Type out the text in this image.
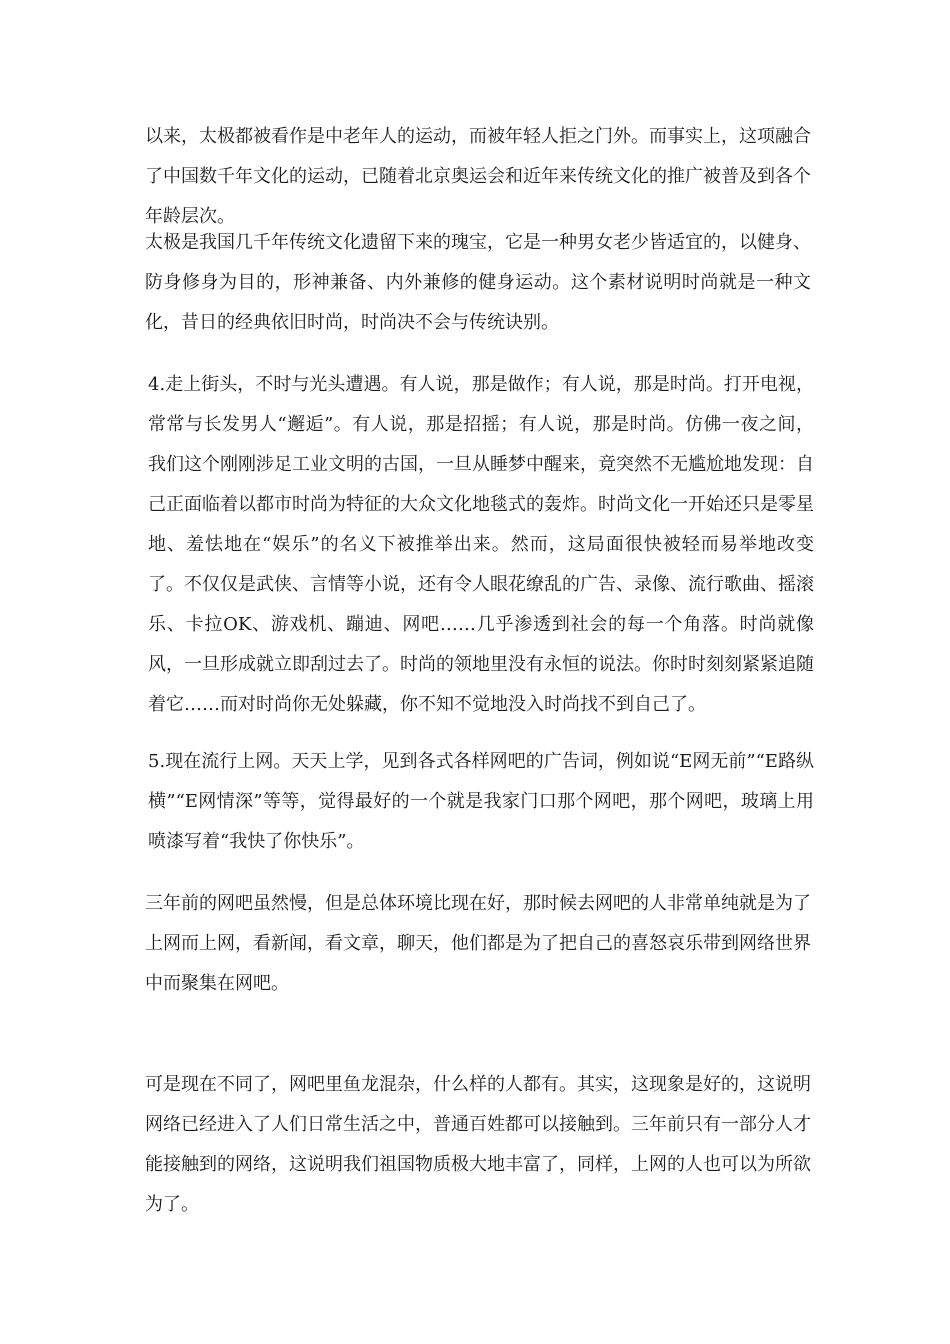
以来，太极都被看作是中老年人的运动，而被年轻人拒之门外。而事实上，这项融合了中国数千年文化的运动，已随着北京奥运会和近年来传统文化的推广被普及到各个年龄层次。

太极是我国几千年传统文化遗留下来的瑰宝，它是一种男女老少皆适宜的，以健身、防身修身为目的，形神兼备、内外兼修的健身运动。这个素材说明时尚就是一种文化，昔日的经典依旧时尚，时尚决不会与传统诀别。

4.走上街头，不时与光头遭遇。有人说，那是做作；有人说，那是时尚。打开电视，常常与长发男人“邂逅”。有人说，那是招摇；有人说，那是时尚。仿佛一夜之间，我们这个刚刚涉足工业文明的古国，一旦从睡梦中醒来，竟突然不无尴尬地发现：自己正面临着以都市时尚为特征的大众文化地毯式的轰炸。时尚文化一开始还只是零星地、羞怯地在“娱乐”的名义下被推举出来。然而，这局面很快被轻而易举地改变了。不仅仅是武侠、言情等小说，还有令人眼花缭乱的广告、录像、流行歌曲、摇滚乐、卡拉OK、游戏机、蹦迪、网吧……几乎渗透到社会的每一个角落。时尚就像风，一旦形成就立即刮过去了。时尚的领地里没有永恒的说法。你时时刻刻紧紧追随着它……而对时尚你无处躲藏，你不知不觉地没入时尚找不到自己了。

5.现在流行上网。天天上学，见到各式各样网吧的广告词，例如说“E网无前”“E路纵横”“E网情深”等等，觉得最好的一个就是我家门口那个网吧，那个网吧，玻璃上用喷漆写着“我快了你快乐”。

三年前的网吧虽然慢，但是总体环境比现在好，那时候去网吧的人非常单纯就是为了上网而上网，看新闻，看文章，聊天，他们都是为了把自己的喜怒哀乐带到网络世界中而聚集在网吧。

可是现在不同了，网吧里鱼龙混杂，什么样的人都有。其实，这现象是好的，这说明网络已经进入了人们日常生活之中，普通百姓都可以接触到。三年前只有一部分人才能接触到的网络，这说明我们祖国物质极大地丰富了，同样，上网的人也可以为所欲为了。
